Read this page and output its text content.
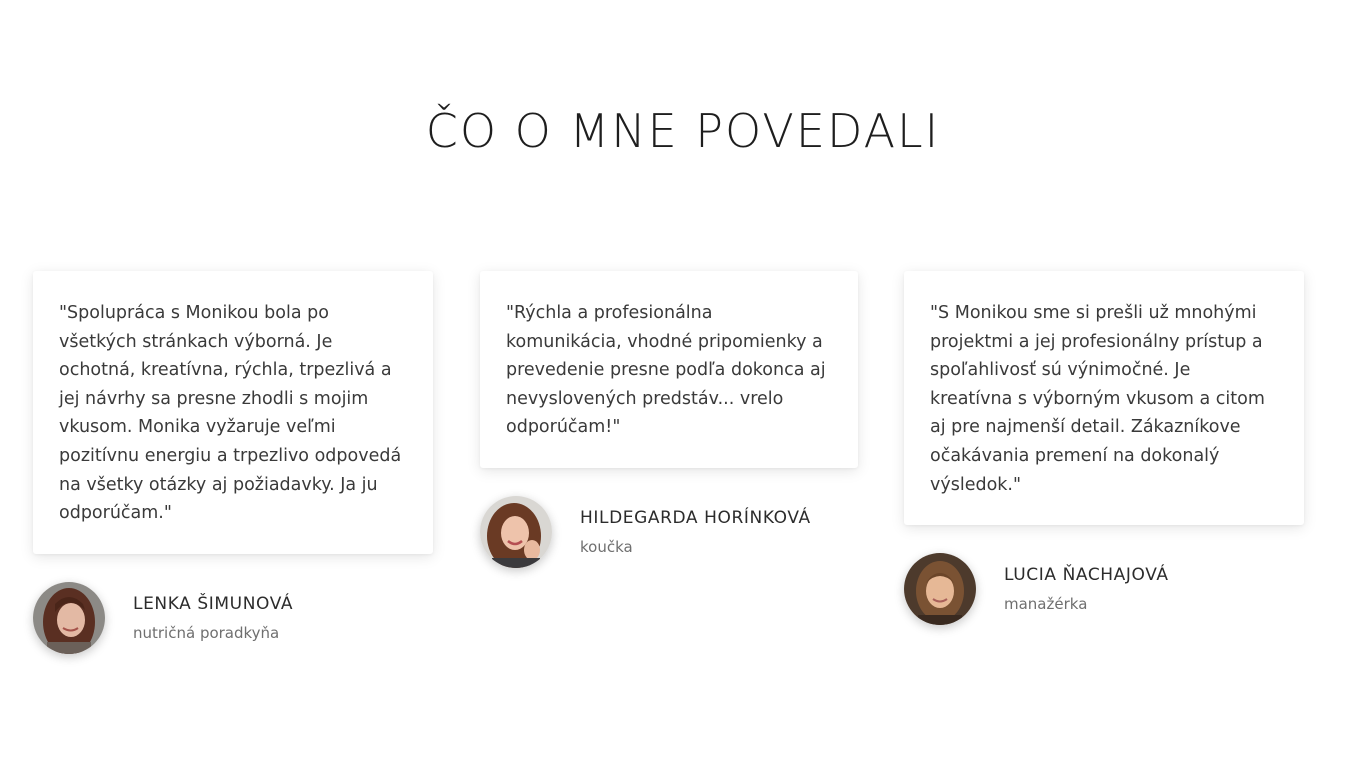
ČO O MNE POVEDALI

"Spolupráca s Monikou bola po všetkých stránkach výborná. Je ochotná, kreatívna, rýchla, trpezlivá a jej návrhy sa presne zhodli s mojim vkusom. Monika vyžaruje veľmi pozitívnu energiu a trpezlivo odpovedá na všetky otázky aj požiadavky. Ja ju odporúčam."

LENKA ŠIMUNOVÁ
nutričná poradkyňa

"Rýchla a profesionálna komunikácia, vhodné pripomienky a prevedenie presne podľa dokonca aj nevyslovených predstáv... vrelo odporúčam!"

HILDEGARDA HORÍNKOVÁ
koučka

"S Monikou sme si prešli už mnohými projektmi a jej profesionálny prístup a spoľahlivosť sú výnimočné. Je kreatívna s výborným vkusom a citom aj pre najmenší detail. Zákazníkove očakávania premení na dokonalý výsledok."

LUCIA ŇACHAJOVÁ
manažérka
